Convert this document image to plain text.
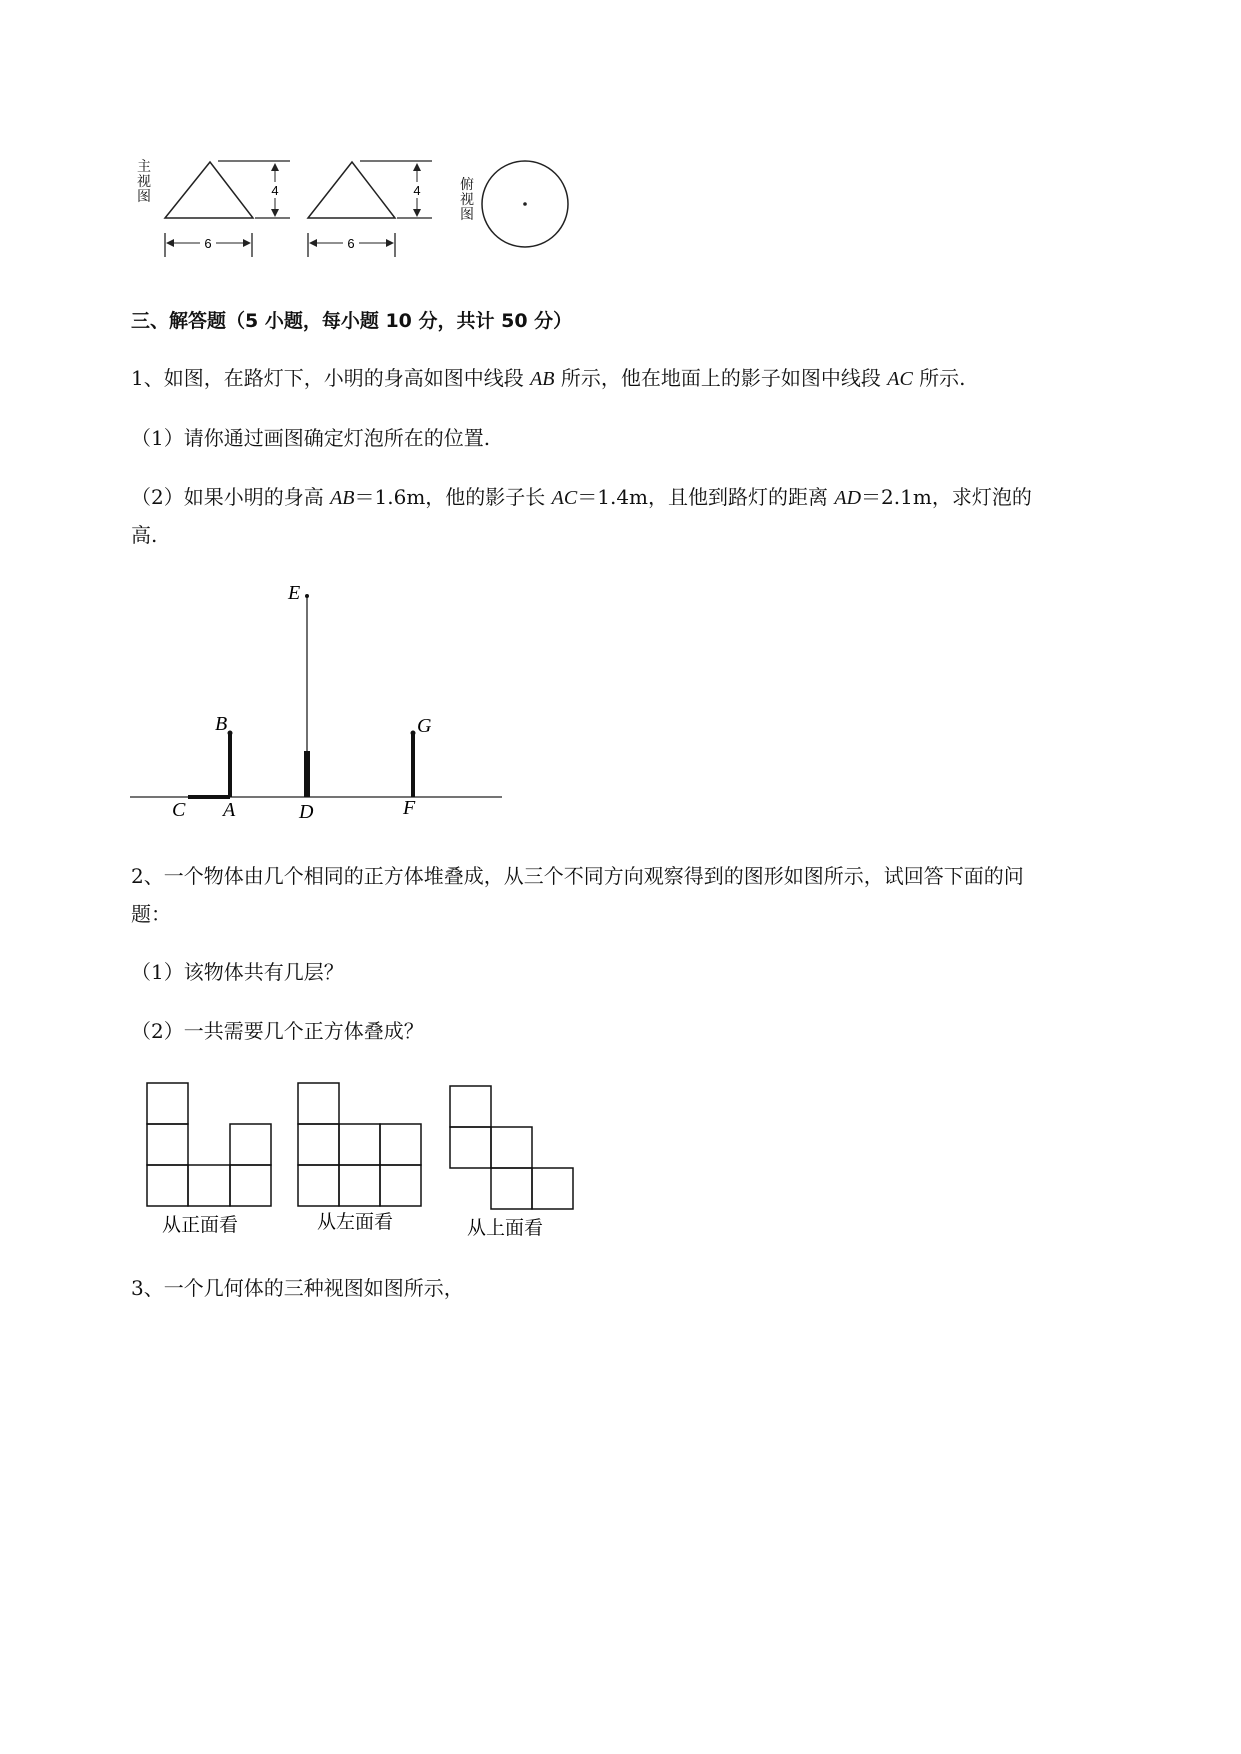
4
6
4
6
主视图
俯视图
三、解答题（5 小题，每小题 10 分，共计 50 分）
1、如图，在路灯下，小明的身高如图中线段 AB 所示，他在地面上的影子如图中线段 AC 所示.
（1）请你通过画图确定灯泡所在的位置.
（2）如果小明的身高 AB＝1.6m，他的影子长 AC＝1.4m，且他到路灯的距离 AD＝2.1m，求灯泡的
高.
E
B	G
C A	D	F
2、一个物体由几个相同的正方体堆叠成，从三个不同方向观察得到的图形如图所示，试回答下面的问
题：
（1）该物体共有几层？
（2）一共需要几个正方体叠成？
从正面看	从左面看	从上面看
3、一个几何体的三种视图如图所示，
